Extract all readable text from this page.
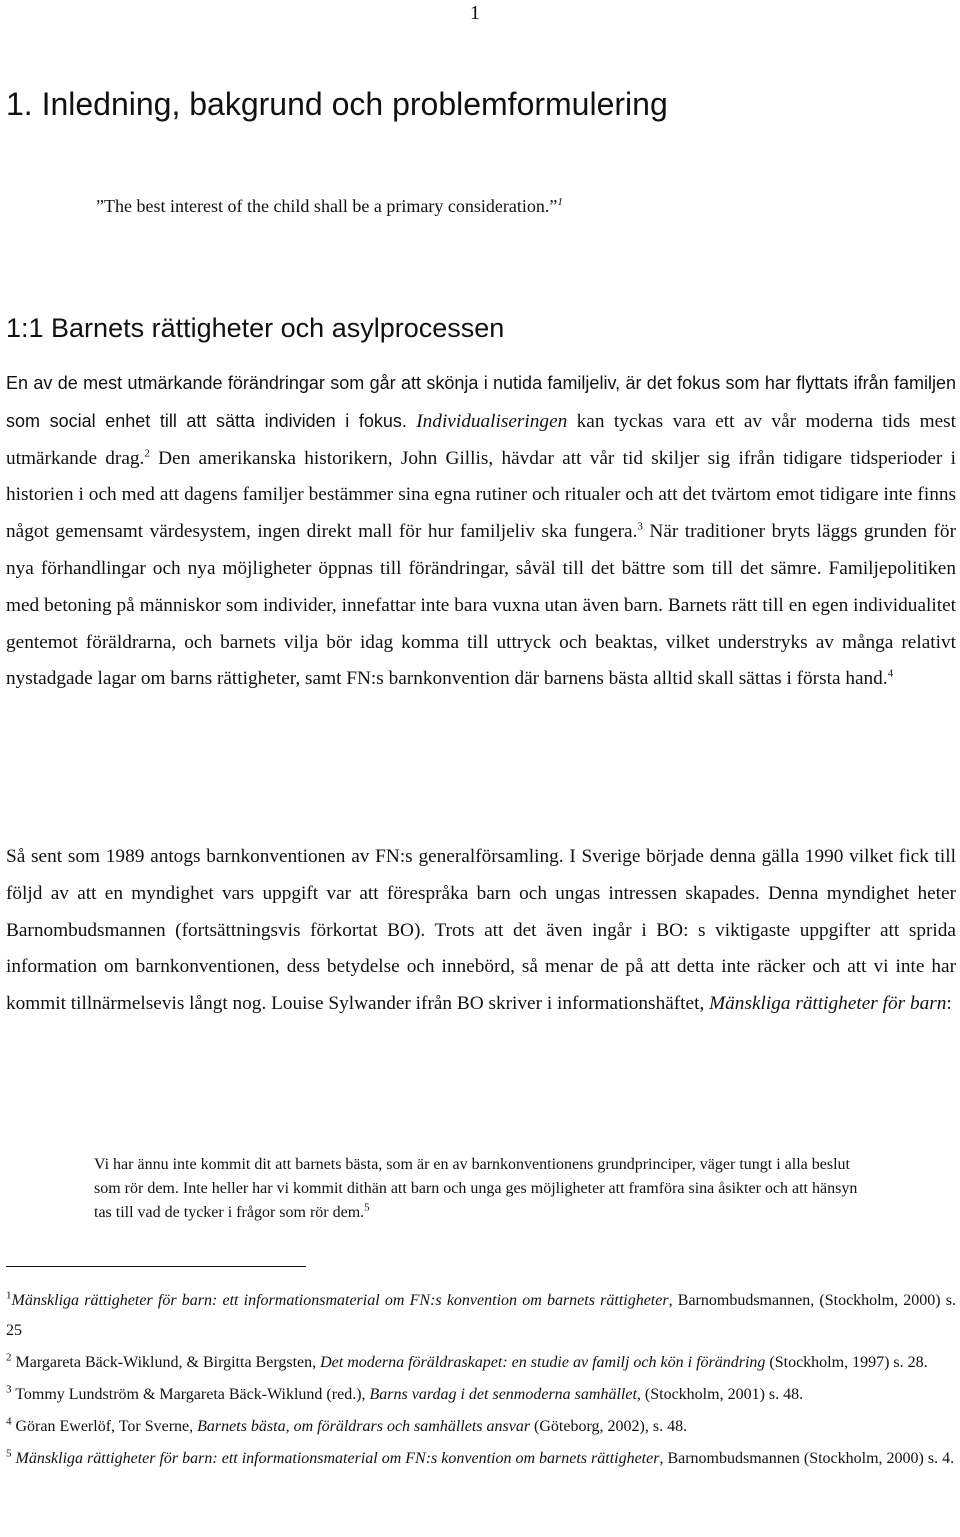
1
1. Inledning, bakgrund och problemformulering
”The best interest of the child shall be a primary consideration.”$^1$
1:1 Barnets rättigheter och asylprocessen

En av de mest utmärkande förändringar som går att skönja i nutida familjeliv, är det fokus som har flyttats ifrån familjen som social enhet till att sätta individen i fokus. Individualiseringen kan tyckas vara ett av vår moderna tids mest utmärkande drag.$^2$ Den amerikanska historikern, John Gillis, hävdar att vår tid skiljer sig ifrån tidigare tidsperioder i historien i och med att dagens familjer bestämmer sina egna rutiner och ritualer och att det tvärtom emot tidigare inte finns något gemensamt värdesystem, ingen direkt mall för hur familjeliv ska fungera.$^3$ När traditioner bryts läggs grunden för nya förhandlingar och nya möjligheter öppnas till förändringar, såväl till det bättre som till det sämre. Familjepolitiken med betoning på människor som individer, innefattar inte bara vuxna utan även barn. Barnets rätt till en egen individualitet gentemot föräldrarna, och barnets vilja bör idag komma till uttryck och beaktas, vilket understryks av många relativt nystadgade lagar om barns rättigheter, samt FN:s barnkonvention där barnens bästa alltid skall sättas i första hand.$^4$

Så sent som 1989 antogs barnkonventionen av FN:s generalförsamling. I Sverige började denna gälla 1990 vilket fick till följd av att en myndighet vars uppgift var att förespråka barn och ungas intressen skapades. Denna myndighet heter Barnombudsmannen (fortsättningsvis förkortat BO). Trots att det även ingår i BO: s viktigaste uppgifter att sprida information om barnkonventionen, dess betydelse och innebörd, så menar de på att detta inte räcker och att vi inte har kommit tillnärmelsevis långt nog. Louise Sylwander ifrån BO skriver i informationshäftet, Mänskliga rättigheter för barn:

Vi har ännu inte kommit dit att barnets bästa, som är en av barnkonventionens grundprinciper, väger tungt i alla beslut som rör dem. Inte heller har vi kommit dithän att barn och unga ges möjligheter att framföra sina åsikter och att hänsyn tas till vad de tycker i frågor som rör dem.$^5$

$^1$Mänskliga rättigheter för barn: ett informationsmaterial om FN:s konvention om barnets rättigheter, Barnombudsmannen, (Stockholm, 2000) s. 25

$^2$ Margareta Bäck-Wiklund, & Birgitta Bergsten, Det moderna föräldraskapet: en studie av familj och kön i förändring (Stockholm, 1997) s. 28.

$^3$ Tommy Lundström & Margareta Bäck-Wiklund (red.), Barns vardag i det senmoderna samhället, (Stockholm, 2001) s. 48.

$^4$ Göran Ewerlöf, Tor Sverne, Barnets bästa, om föräldrars och samhällets ansvar (Göteborg, 2002), s. 48.

$^5$ Mänskliga rättigheter för barn: ett informationsmaterial om FN:s konvention om barnets rättigheter, Barnombudsmannen (Stockholm, 2000) s. 4.
